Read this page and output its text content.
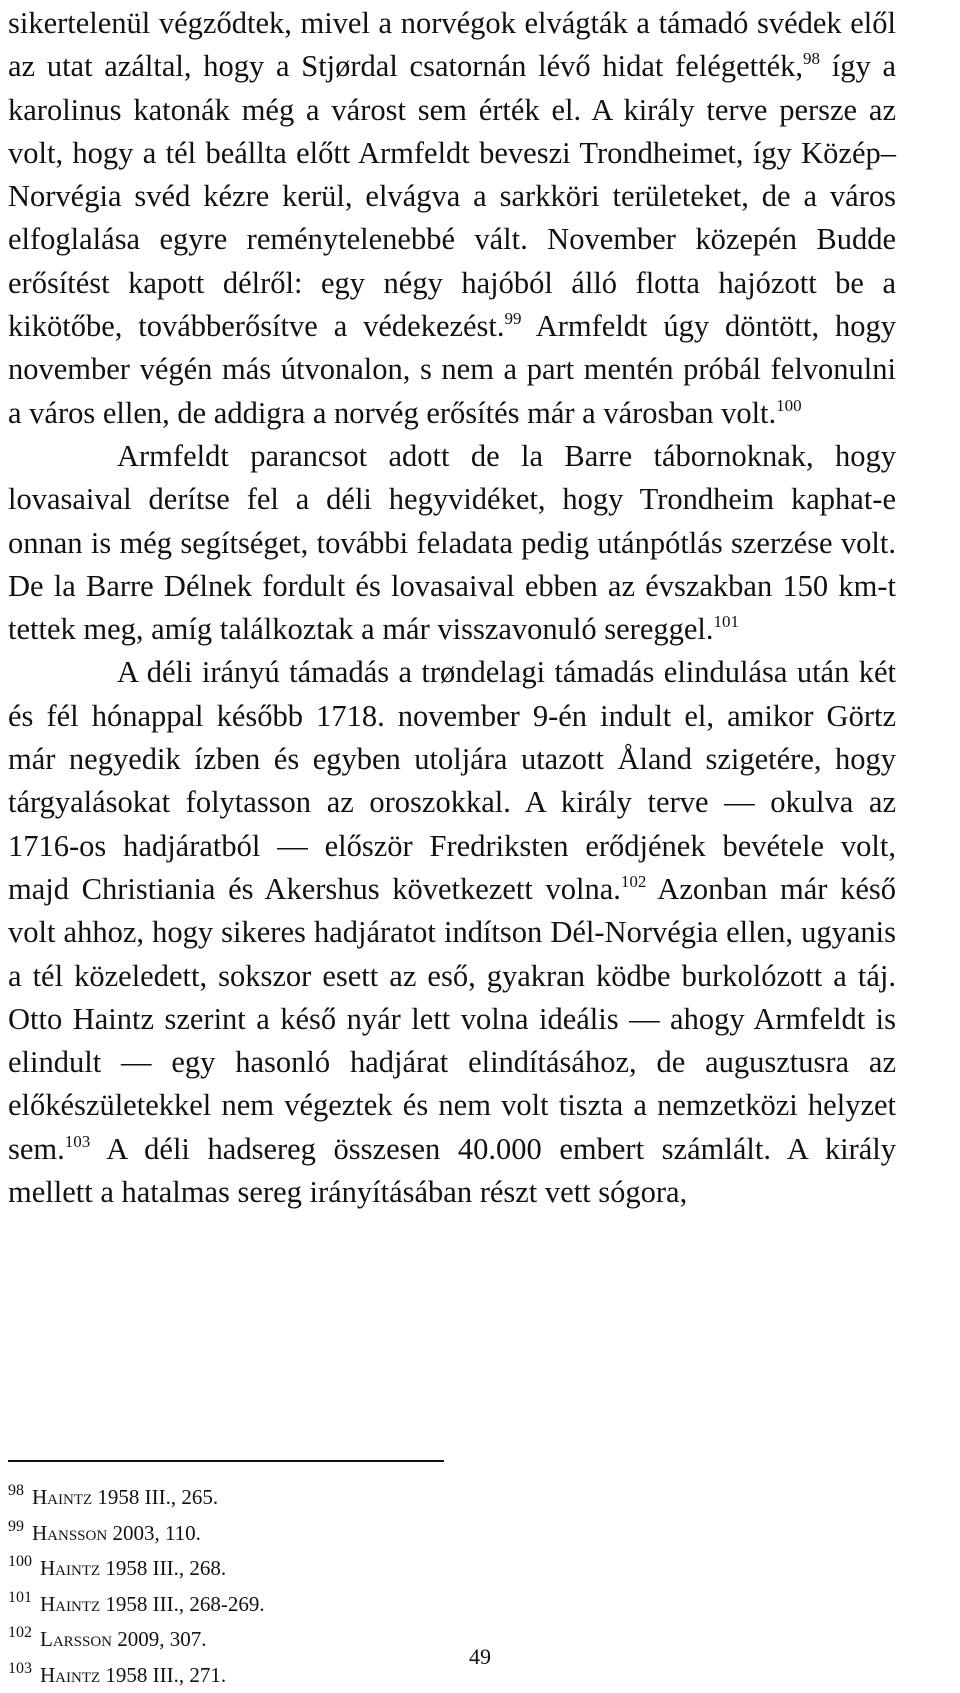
sikertelenül végződtek, mivel a norvégok elvágták a támadó svédek elől az utat azáltal, hogy a Stjørdal csatornán lévő hidat felégették,$^{98}$ így a karolinus katonák még a várost sem érték el. A király terve persze az volt, hogy a tél beállta előtt Armfeldt beveszi Trondheimet, így Közép–Norvégia svéd kézre kerül, elvágva a sarkköri területeket, de a város elfoglalása egyre reménytelenebbé vált. November közepén Budde erősítést kapott délről: egy négy hajóból álló flotta hajózott be a kikötőbe, továbberősítve a védekezést.$^{99}$ Armfeldt úgy döntött, hogy november végén más útvonalon, s nem a part mentén próbál felvonulni a város ellen, de addigra a norvég erősítés már a városban volt.$^{100}$

Armfeldt parancsot adott de la Barre tábornoknak, hogy lovasaival derítse fel a déli hegyvidéket, hogy Trondheim kaphat-e onnan is még segítséget, további feladata pedig utánpótlás szerzése volt. De la Barre Délnek fordult és lovasaival ebben az évszakban 150 km-t tettek meg, amíg találkoztak a már visszavonuló sereggel.$^{101}$

A déli irányú támadás a trøndelagi támadás elindulása után két és fél hónappal később 1718. november 9-én indult el, amikor Görtz már negyedik ízben és egyben utoljára utazott Åland szigetére, hogy tárgyalásokat folytasson az oroszokkal. A király terve — okulva az 1716-os hadjáratból — először Fredriksten erődjének bevétele volt, majd Christiania és Akershus következett volna.$^{102}$ Azonban már késő volt ahhoz, hogy sikeres hadjáratot indítson Dél-Norvégia ellen, ugyanis a tél közeledett, sokszor esett az eső, gyakran ködbe burkolózott a táj. Otto Haintz szerint a késő nyár lett volna ideális — ahogy Armfeldt is elindult — egy hasonló hadjárat elindításához, de augusztusra az előkészületekkel nem végeztek és nem volt tiszta a nemzetközi helyzet sem.$^{103}$ A déli hadsereg összesen 40.000 embert számlált. A király mellett a hatalmas sereg irányításában részt vett sógora,

$^{98}$ Haintz 1958 III., 265.
$^{99}$ Hansson 2003, 110.
$^{100}$ Haintz 1958 III., 268.
$^{101}$ Haintz 1958 III., 268-269.
$^{102}$ Larsson 2009, 307.
$^{103}$ Haintz 1958 III., 271.
49
